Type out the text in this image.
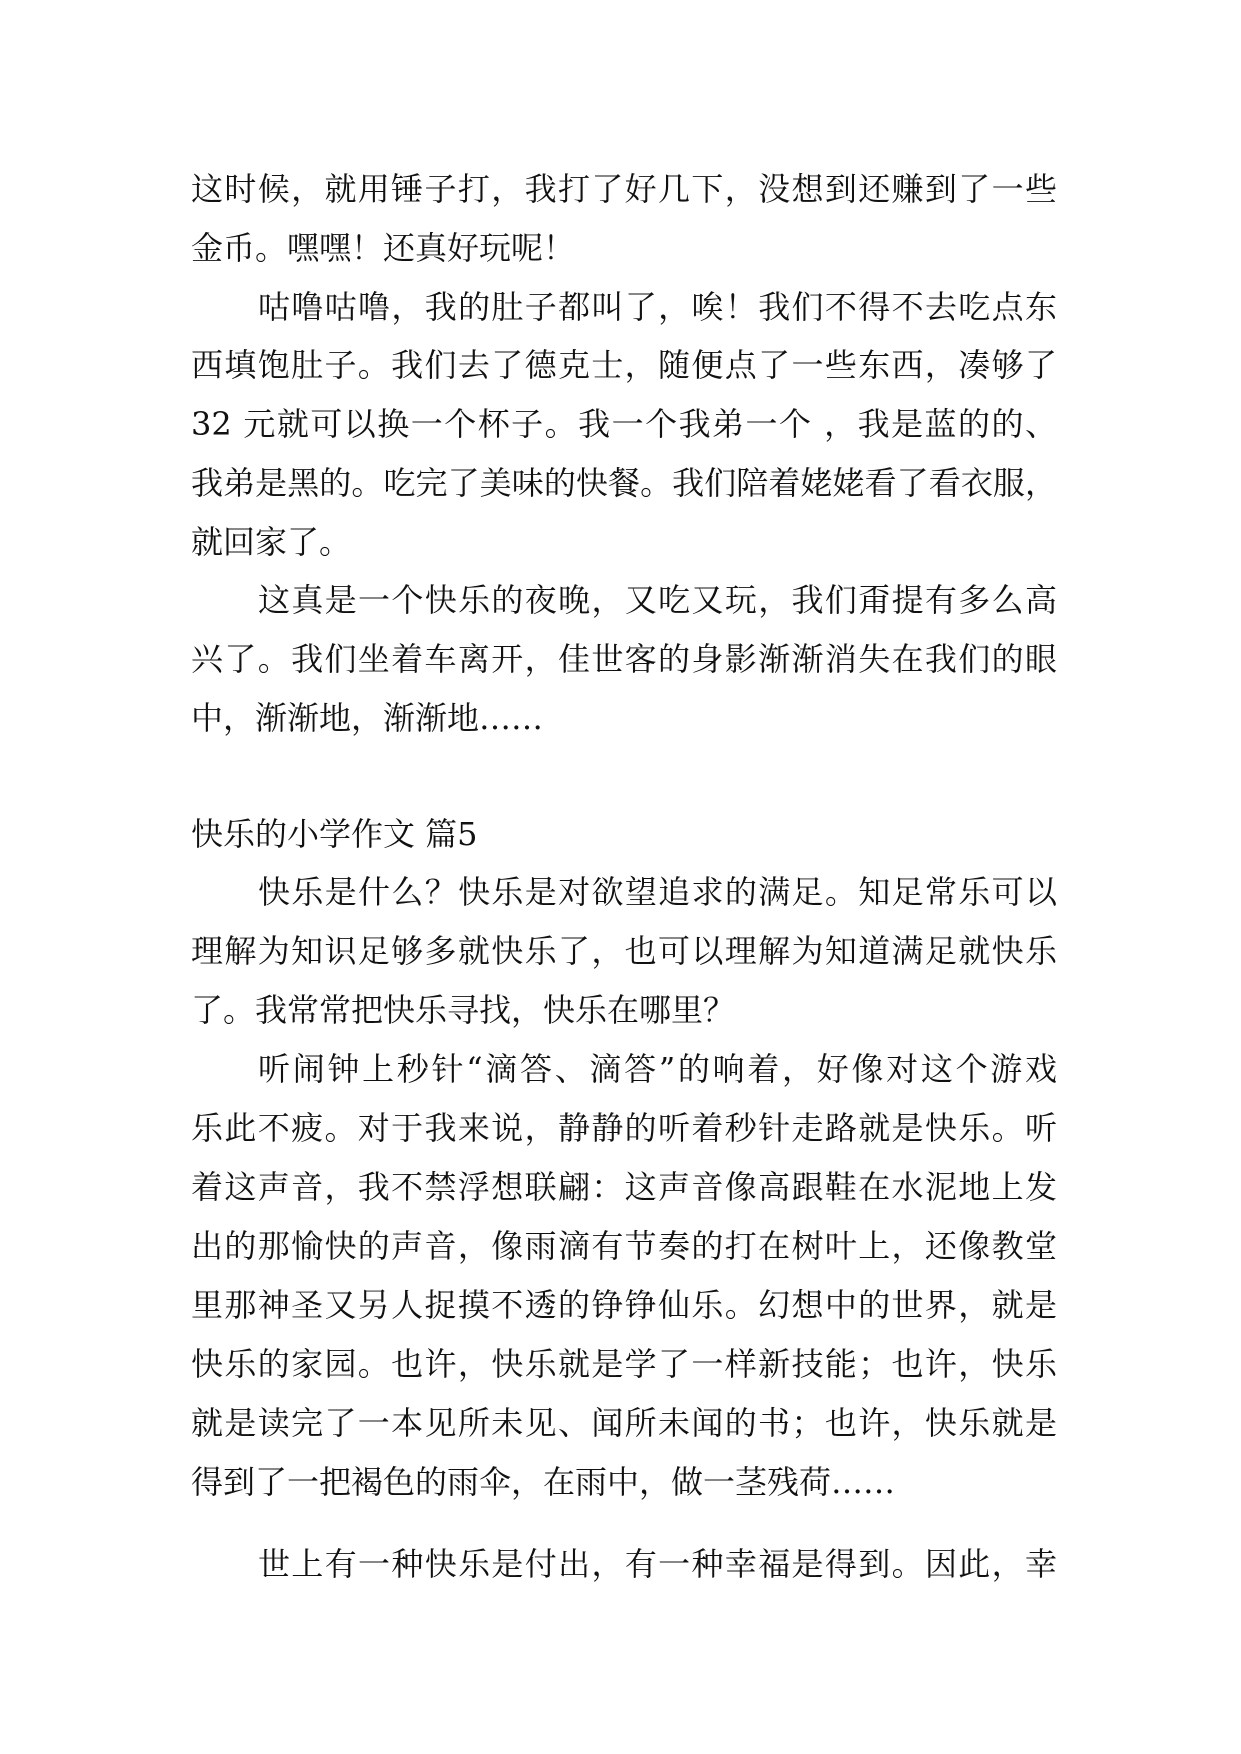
这时候，就用锤子打，我打了好几下，没想到还赚到了一些

金币。嘿嘿！还真好玩呢！

咕噜咕噜，我的肚子都叫了，唉！我们不得不去吃点东

西填饱肚子。我们去了德克士，随便点了一些东西，凑够了

32 元就可以换一个杯子。我一个我弟一个 ，我是蓝的的、

我弟是黑的。吃完了美味的快餐。我们陪着姥姥看了看衣服，

就回家了。

这真是一个快乐的夜晚，又吃又玩，我们甭提有多么高

兴了。我们坐着车离开，佳世客的身影渐渐消失在我们的眼

中，渐渐地，渐渐地……

快乐的小学作文 篇5

快乐是什么？快乐是对欲望追求的满足。知足常乐可以

理解为知识足够多就快乐了，也可以理解为知道满足就快乐

了。我常常把快乐寻找，快乐在哪里？

听闹钟上秒针“滴答、滴答”的响着，好像对这个游戏

乐此不疲。对于我来说，静静的听着秒针走路就是快乐。听

着这声音，我不禁浮想联翩：这声音像高跟鞋在水泥地上发

出的那愉快的声音，像雨滴有节奏的打在树叶上，还像教堂

里那神圣又另人捉摸不透的铮铮仙乐。幻想中的世界，就是

快乐的家园。也许，快乐就是学了一样新技能；也许，快乐

就是读完了一本见所未见、闻所未闻的书；也许，快乐就是

得到了一把褐色的雨伞，在雨中，做一茎残荷……

世上有一种快乐是付出，有一种幸福是得到。因此，幸
